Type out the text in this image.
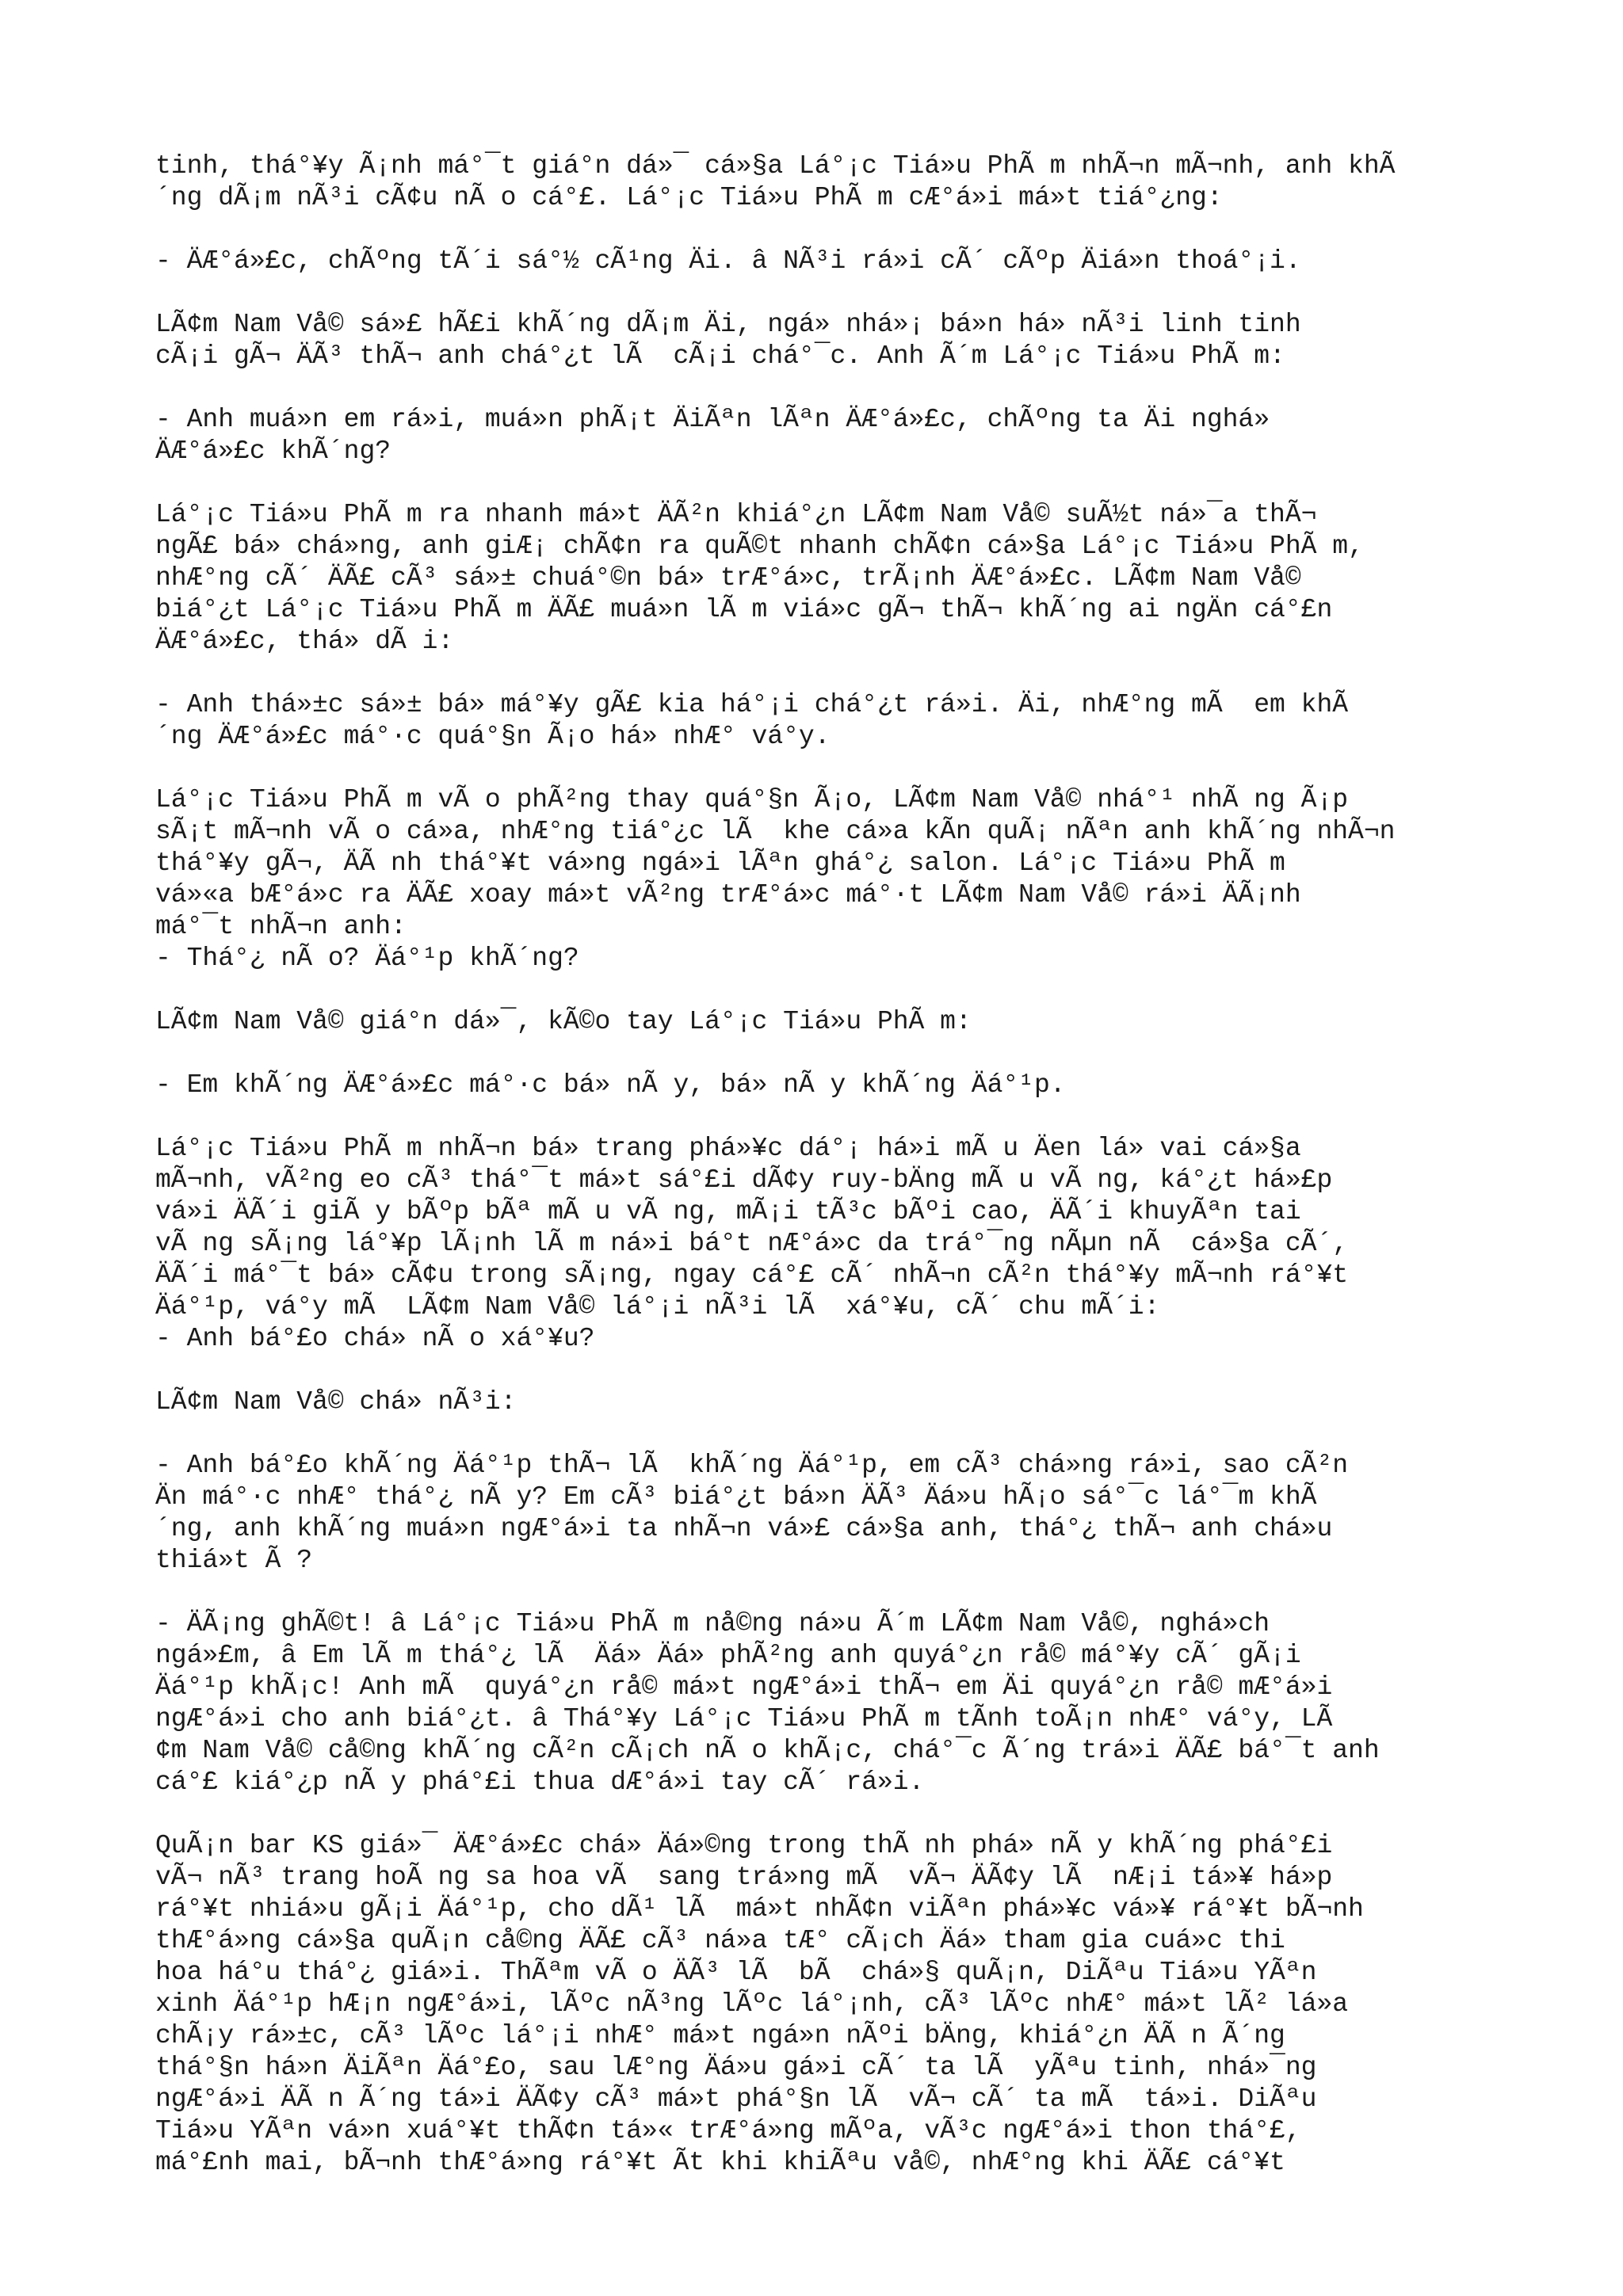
tinh, thá°¥y Ã¡nh má°¯t giá°n dá»¯ cá»§a Lá°¡c Tiá»u PhÃ m nhÃ¬n mÃ¬nh, anh khÃ
´ng dÃ¡m nÃ³i cÃ¢u nÃ o cá°£. Lá°¡c Tiá»u PhÃ m cÆ°á»i má»t tiá°¿ng:
- ÄÆ°á»£c, chÃºng tÃ´i sá°½ cÃ¹ng Äi. â NÃ³i rá»i cÃ´ cÃºp Äiá»n thoá°¡i.
LÃ¢m Nam Vå© sá»£ hÃ£i khÃ´ng dÃ¡m Äi, ngá» nhá»¡ bá»n há» nÃ³i linh tinh
cÃ¡i gÃ¬ ÄÃ³ thÃ¬ anh chá°¿t lÃ  cÃ¡i chá°¯c. Anh Ã´m Lá°¡c Tiá»u PhÃ m:
- Anh muá»n em rá»i, muá»n phÃ¡t ÄiÃªn lÃªn ÄÆ°á»£c, chÃºng ta Äi nghá»
ÄÆ°á»£c khÃ´ng?
Lá°¡c Tiá»u PhÃ m ra nhanh má»t ÄÃ²n khiá°¿n LÃ¢m Nam Vå© suÃ½t ná»¯a thÃ¬
ngÃ£ bá» chá»ng, anh giÆ¡ chÃ¢n ra quÃ©t nhanh chÃ¢n cá»§a Lá°¡c Tiá»u PhÃ m,
nhÆ°ng cÃ´ ÄÃ£ cÃ³ sá»± chuá°©n bá» trÆ°á»c, trÃ¡nh ÄÆ°á»£c. LÃ¢m Nam Vå©
biá°¿t Lá°¡c Tiá»u PhÃ m ÄÃ£ muá»n lÃ m viá»c gÃ¬ thÃ¬ khÃ´ng ai ngÄn cá°£n
ÄÆ°á»£c, thá» dÃ i:
- Anh thá»±c sá»± bá» má°¥y gÃ£ kia há°¡i chá°¿t rá»i. Äi, nhÆ°ng mÃ  em khÃ
´ng ÄÆ°á»£c má°·c quá°§n Ã¡o há» nhÆ° vá°y.
Lá°¡c Tiá»u PhÃ m vÃ o phÃ²ng thay quá°§n Ã¡o, LÃ¢m Nam Vå© nhá°¹ nhÃ ng Ã¡p
sÃ¡t mÃ¬nh vÃ o cá»a, nhÆ°ng tiá°¿c lÃ  khe cá»a kÃn quÃ¡ nÃªn anh khÃ´ng nhÃ¬n
thá°¥y gÃ¬, ÄÃ nh thá°¥t vá»ng ngá»i lÃªn ghá°¿ salon. Lá°¡c Tiá»u PhÃ m
vá»«a bÆ°á»c ra ÄÃ£ xoay má»t vÃ²ng trÆ°á»c má°·t LÃ¢m Nam Vå© rá»i ÄÃ¡nh
má°¯t nhÃ¬n anh:
- Thá°¿ nÃ o? Äá°¹p khÃ´ng?
LÃ¢m Nam Vå© giá°n dá»¯, kÃ©o tay Lá°¡c Tiá»u PhÃ m:
- Em khÃ´ng ÄÆ°á»£c má°·c bá» nÃ y, bá» nÃ y khÃ´ng Äá°¹p.
Lá°¡c Tiá»u PhÃ m nhÃ¬n bá» trang phá»¥c dá°¡ há»i mÃ u Äen lá» vai cá»§a
mÃ¬nh, vÃ²ng eo cÃ³ thá°¯t má»t sá°£i dÃ¢y ruy-bÄng mÃ u vÃ ng, ká°¿t há»£p
vá»i ÄÃ´i giÃ y bÃºp bÃª mÃ u vÃ ng, mÃ¡i tÃ³c bÃºi cao, ÄÃ´i khuyÃªn tai
vÃ ng sÃ¡ng lá°¥p lÃ¡nh lÃ m ná»i bá°t nÆ°á»c da trá°¯ng nÃµn nÃ  cá»§a cÃ´,
ÄÃ´i má°¯t bá» cÃ¢u trong sÃ¡ng, ngay cá°£ cÃ´ nhÃ¬n cÃ²n thá°¥y mÃ¬nh rá°¥t
Äá°¹p, vá°y mÃ  LÃ¢m Nam Vå© lá°¡i nÃ³i lÃ  xá°¥u, cÃ´ chu mÃ´i:
- Anh bá°£o chá» nÃ o xá°¥u?
LÃ¢m Nam Vå© chá» nÃ³i:
- Anh bá°£o khÃ´ng Äá°¹p thÃ¬ lÃ  khÃ´ng Äá°¹p, em cÃ³ chá»ng rá»i, sao cÃ²n
Än má°·c nhÆ° thá°¿ nÃ y? Em cÃ³ biá°¿t bá»n ÄÃ³ Äá»u hÃ¡o sá°¯c lá°¯m khÃ
´ng, anh khÃ´ng muá»n ngÆ°á»i ta nhÃ¬n vá»£ cá»§a anh, thá°¿ thÃ¬ anh chá»u
thiá»t Ã ?
- ÄÃ¡ng ghÃ©t! â Lá°¡c Tiá»u PhÃ m nå©ng ná»u Ã´m LÃ¢m Nam Vå©, nghá»ch
ngá»£m, â Em lÃ m thá°¿ lÃ  Äá» Äá» phÃ²ng anh quyá°¿n rå© má°¥y cÃ´ gÃ¡i
Äá°¹p khÃ¡c! Anh mÃ  quyá°¿n rå© má»t ngÆ°á»i thÃ¬ em Äi quyá°¿n rå© mÆ°á»i
ngÆ°á»i cho anh biá°¿t. â Thá°¥y Lá°¡c Tiá»u PhÃ m tÃnh toÃ¡n nhÆ° vá°y, LÃ
¢m Nam Vå© cå©ng khÃ´ng cÃ²n cÃ¡ch nÃ o khÃ¡c, chá°¯c Ã´ng trá»i ÄÃ£ bá°¯t anh
cá°£ kiá°¿p nÃ y phá°£i thua dÆ°á»i tay cÃ´ rá»i.
QuÃ¡n bar KS giá»¯ ÄÆ°á»£c chá» Äá»©ng trong thÃ nh phá» nÃ y khÃ´ng phá°£i
vÃ¬ nÃ³ trang hoÃ ng sa hoa vÃ  sang trá»ng mÃ  vÃ¬ ÄÃ¢y lÃ  nÆ¡i tá»¥ há»p
rá°¥t nhiá»u gÃ¡i Äá°¹p, cho dÃ¹ lÃ  má»t nhÃ¢n viÃªn phá»¥c vá»¥ rá°¥t bÃ¬nh
thÆ°á»ng cá»§a quÃ¡n cå©ng ÄÃ£ cÃ³ ná»a tÆ° cÃ¡ch Äá» tham gia cuá»c thi
hoa há°u thá°¿ giá»i. ThÃªm vÃ o ÄÃ³ lÃ  bÃ  chá»§ quÃ¡n, DiÃªu Tiá»u YÃªn
xinh Äá°¹p hÆ¡n ngÆ°á»i, lÃºc nÃ³ng lÃºc lá°¡nh, cÃ³ lÃºc nhÆ° má»t lÃ² lá»a
chÃ¡y rá»±c, cÃ³ lÃºc lá°¡i nhÆ° má»t ngá»n nÃºi bÄng, khiá°¿n ÄÃ n Ã´ng
thá°§n há»n ÄiÃªn Äá°£o, sau lÆ°ng Äá»u gá»i cÃ´ ta lÃ  yÃªu tinh, nhá»¯ng
ngÆ°á»i ÄÃ n Ã´ng tá»i ÄÃ¢y cÃ³ má»t phá°§n lÃ  vÃ¬ cÃ´ ta mÃ  tá»i. DiÃªu
Tiá»u YÃªn vá»n xuá°¥t thÃ¢n tá»« trÆ°á»ng mÃºa, vÃ³c ngÆ°á»i thon thá°£,
má°£nh mai, bÃ¬nh thÆ°á»ng rá°¥t Ãt khi khiÃªu vå©, nhÆ°ng khi ÄÃ£ cá°¥t
